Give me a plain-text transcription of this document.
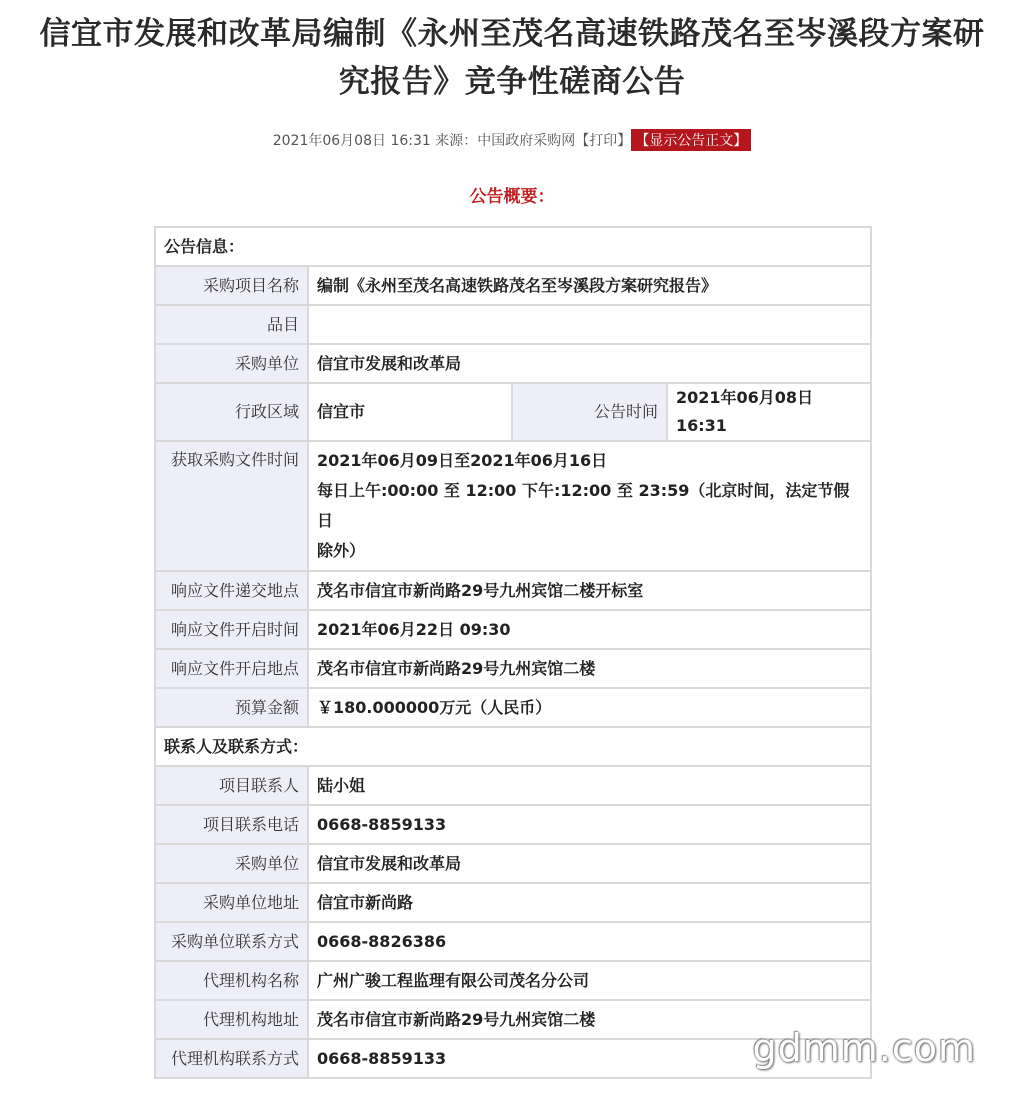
信宜市发展和改革局编制《永州至茂名高速铁路茂名至岑溪段方案研
究报告》竞争性磋商公告
2021年06月08日 16:31 来源：中国政府采购网【打印】 【显示公告正文】
公告概要：
公告信息：			
采购项目名称	编制《永州至茂名高速铁路茂名至岑溪段方案研究报告》		
品目			
采购单位	信宜市发展和改革局		
行政区域	信宜市	公告时间	2021年06月08日 16:31
获取采购文件时间	2021年06月09日至2021年06月16日
每日上午:00:00 至 12:00 下午:12:00 至 23:59（北京时间，法定节假日
除外）		

响应文件递交地点	茂名市信宜市新尚路29号九州宾馆二楼开标室		
响应文件开启时间	2021年06月22日 09:30		
响应文件开启地点	茂名市信宜市新尚路29号九州宾馆二楼		
预算金额	￥180.000000万元（人民币）		
联系人及联系方式：			
项目联系人	陆小姐		
项目联系电话	0668-8859133		
采购单位	信宜市发展和改革局		
采购单位地址	信宜市新尚路		
采购单位联系方式	0668-8826386		
代理机构名称	广州广骏工程监理有限公司茂名分公司		
代理机构地址	茂名市信宜市新尚路29号九州宾馆二楼		
代理机构联系方式	0668-8859133			gdmm.com
